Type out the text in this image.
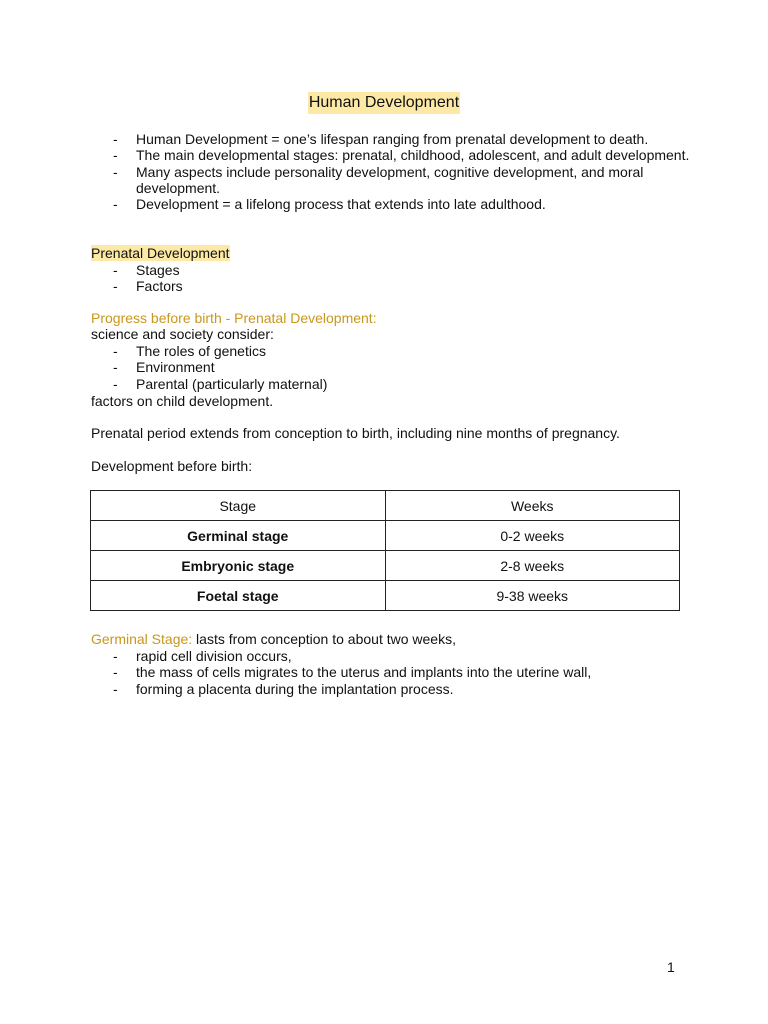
Human Development
- Human Development = one’s lifespan ranging from prenatal development to death.
- The main developmental stages: prenatal, childhood, adolescent, and adult development.
- Many aspects include personality development, cognitive development, and moral development.
- Development = a lifelong process that extends into late adulthood.
Prenatal Development
- Stages
- Factors
Progress before birth - Prenatal Development:
science and society consider:
- The roles of genetics
- Environment
- Parental (particularly maternal)
factors on child development.
Prenatal period extends from conception to birth, including nine months of pregnancy.
Development before birth:
Stage	Weeks
Germinal stage	0-2 weeks
Embryonic stage	2-8 weeks
Foetal stage	9-38 weeks
Germinal Stage: lasts from conception to about two weeks,
- rapid cell division occurs,
- the mass of cells migrates to the uterus and implants into the uterine wall,
- forming a placenta during the implantation process.
1
